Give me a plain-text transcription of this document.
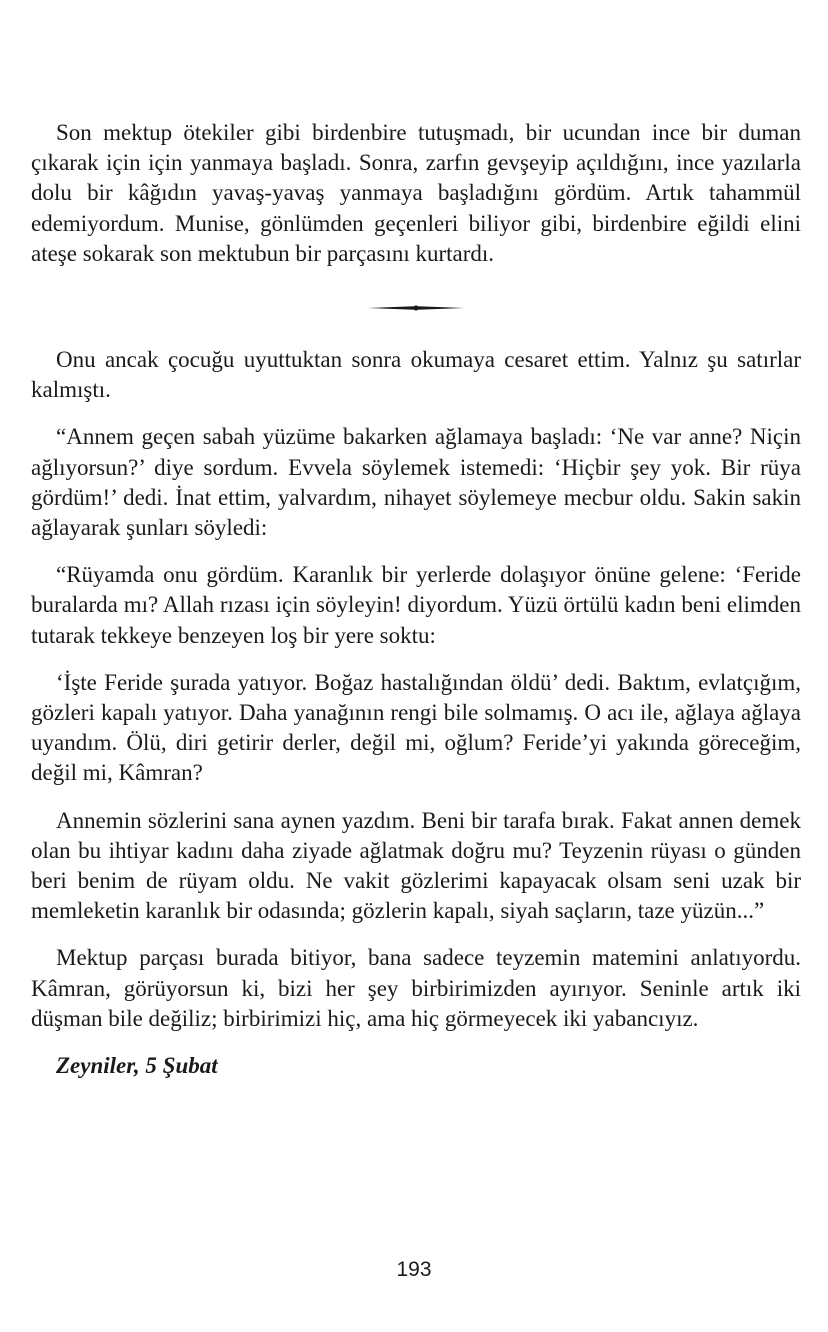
Son mektup ötekiler gibi birdenbire tutuşmadı, bir ucundan ince bir duman çıkarak için için yanmaya başladı. Sonra, zarfın gevşeyip açıldığını, ince yazılarla dolu bir kâğıdın yavaş-yavaş yanmaya başladığını gördüm. Artık tahammül edemiyordum. Munise, gönlümden geçenleri biliyor gibi, birdenbire eğildi elini ateşe sokarak son mektubun bir parçasını kurtardı.

Onu ancak çocuğu uyuttuktan sonra okumaya cesaret ettim. Yalnız şu satırlar kalmıştı.

“Annem geçen sabah yüzüme bakarken ağlamaya başladı: ‘Ne var anne? Niçin ağlıyorsun?’ diye sordum. Evvela söylemek istemedi: ‘Hiçbir şey yok. Bir rüya gördüm!’ dedi. İnat ettim, yalvardım, nihayet söylemeye mecbur oldu. Sakin sakin ağlayarak şunları söyledi:

“Rüyamda onu gördüm. Karanlık bir yerlerde dolaşıyor önüne gelene: ‘Feride buralarda mı? Allah rızası için söyleyin! diyordum. Yüzü örtülü kadın beni elimden tutarak tekkeye benzeyen loş bir yere soktu:

‘İşte Feride şurada yatıyor. Boğaz hastalığından öldü’ dedi. Baktım, evlatçığım, gözleri kapalı yatıyor. Daha yanağının rengi bile solmamış. O acı ile, ağlaya ağlaya uyandım. Ölü, diri getirir derler, değil mi, oğlum? Feride’yi yakında göreceğim, değil mi, Kâmran?

Annemin sözlerini sana aynen yazdım. Beni bir tarafa bırak. Fakat annen demek olan bu ihtiyar kadını daha ziyade ağlatmak doğru mu? Teyzenin rüyası o günden beri benim de rüyam oldu. Ne vakit gözlerimi kapayacak olsam seni uzak bir memleketin karanlık bir odasında; gözlerin kapalı, siyah saçların, taze yüzün...”

Mektup parçası burada bitiyor, bana sadece teyzemin matemini anlatıyordu. Kâmran, görüyorsun ki, bizi her şey birbirimizden ayırıyor. Seninle artık iki düşman bile değiliz; birbirimizi hiç, ama hiç görmeyecek iki yabancıyız.

Zeyniler, 5 Şubat

193
